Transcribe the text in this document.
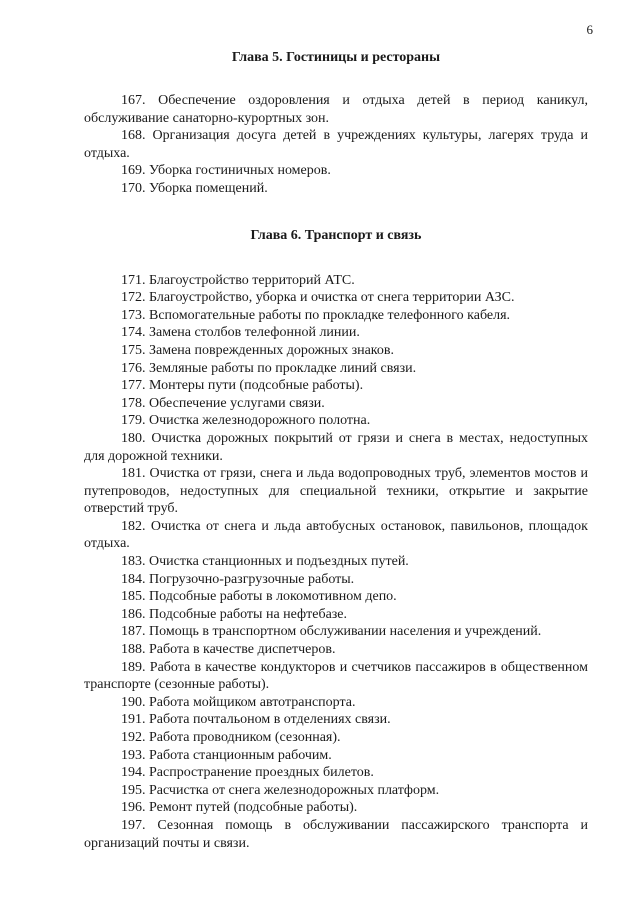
6
Глава 5. Гостиницы и рестораны

167. Обеспечение оздоровления и отдыха детей в период каникул, обслуживание санаторно-курортных зон.

168. Организация досуга детей в учреждениях культуры, лагерях труда и отдыха.

169. Уборка гостиничных номеров.

170. Уборка помещений.

Глава 6. Транспорт и связь

171. Благоустройство территорий АТС.

172. Благоустройство, уборка и очистка от снега территории АЗС.

173. Вспомогательные работы по прокладке телефонного кабеля.

174. Замена столбов телефонной линии.

175. Замена поврежденных дорожных знаков.

176. Земляные работы по прокладке линий связи.

177. Монтеры пути (подсобные работы).

178. Обеспечение услугами связи.

179. Очистка железнодорожного полотна.

180. Очистка дорожных покрытий от грязи и снега в местах, недоступных для дорожной техники.

181. Очистка от грязи, снега и льда водопроводных труб, элементов мостов и путепроводов, недоступных для специальной техники, открытие и закрытие отверстий труб.

182. Очистка от снега и льда автобусных остановок, павильонов, площадок отдыха.

183. Очистка станционных и подъездных путей.

184. Погрузочно-разгрузочные работы.

185. Подсобные работы в локомотивном депо.

186. Подсобные работы на нефтебазе.

187. Помощь в транспортном обслуживании населения и учреждений.

188. Работа в качестве диспетчеров.

189. Работа в качестве кондукторов и счетчиков пассажиров в общественном транспорте (сезонные работы).

190. Работа мойщиком автотранспорта.

191. Работа почтальоном в отделениях связи.

192. Работа проводником (сезонная).

193. Работа станционным рабочим.

194. Распространение проездных билетов.

195. Расчистка от снега железнодорожных платформ.

196. Ремонт путей (подсобные работы).

197. Сезонная помощь в обслуживании пассажирского транспорта и организаций почты и связи.
